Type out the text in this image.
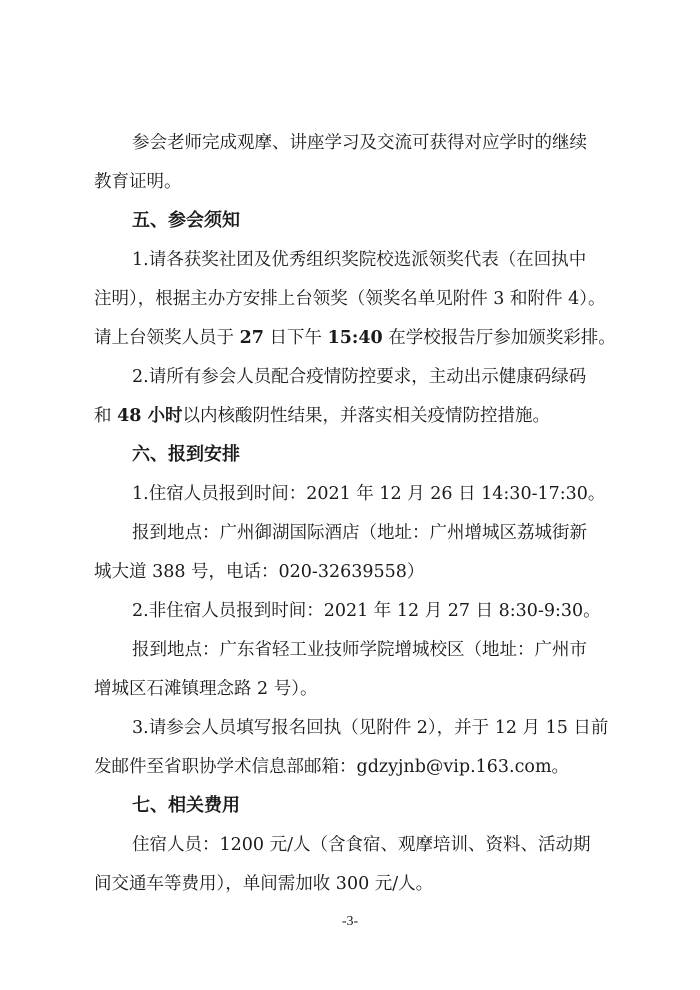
参会老师完成观摩、讲座学习及交流可获得对应学时的继续
教育证明。
五、参会须知
1.请各获奖社团及优秀组织奖院校选派领奖代表（在回执中
注明），根据主办方安排上台领奖（领奖名单见附件 3 和附件 4）。
请上台领奖人员于 27 日下午 15:40 在学校报告厅参加颁奖彩排。
2.请所有参会人员配合疫情防控要求，主动出示健康码绿码
和 48 小时以内核酸阴性结果，并落实相关疫情防控措施。
六、报到安排
1.住宿人员报到时间：2021 年 12 月 26 日 14:30-17:30。
报到地点：广州御湖国际酒店（地址：广州增城区荔城街新
城大道 388 号，电话：020-32639558）
2.非住宿人员报到时间：2021 年 12 月 27 日 8:30-9:30。
报到地点：广东省轻工业技师学院增城校区（地址：广州市
增城区石滩镇理念路 2 号）。
3.请参会人员填写报名回执（见附件 2），并于 12 月 15 日前
发邮件至省职协学术信息部邮箱：gdzyjnb@vip.163.com。
七、相关费用
住宿人员：1200 元/人（含食宿、观摩培训、资料、活动期
间交通车等费用），单间需加收 300 元/人。
-3-
